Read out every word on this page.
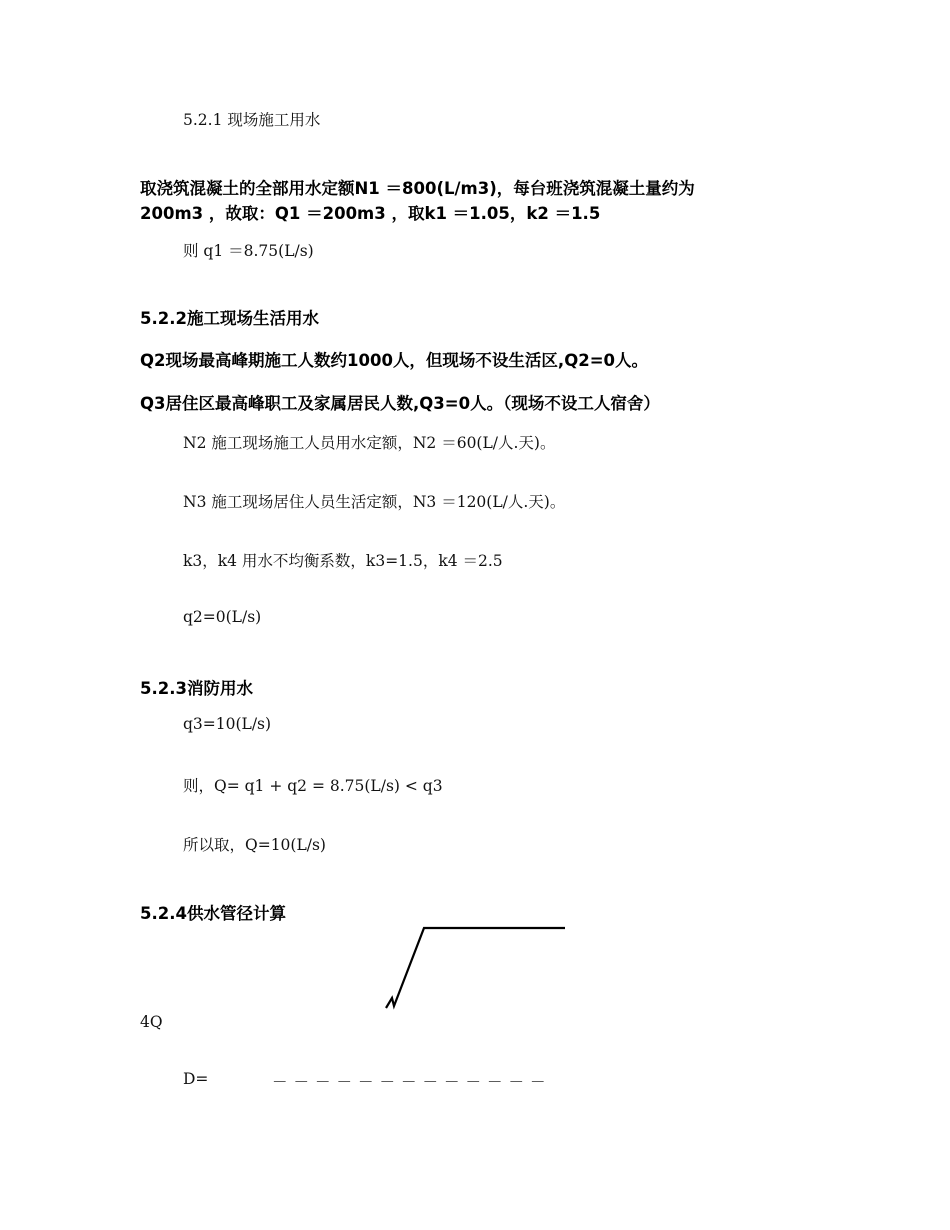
5.2.1 现场施工用水
取浇筑混凝土的全部用水定额N1 ＝800(L/m3)，每台班浇筑混凝土量约为
200m3 ，故取：Q1 ＝200m3 ，取k1 ＝1.05，k2 ＝1.5
则 q1 ＝8.75(L/s)
5.2.2施工现场生活用水
Q2现场最高峰期施工人数约1000人，但现场不设生活区,Q2=0人。
Q3居住区最高峰职工及家属居民人数,Q3=0人。（现场不设工人宿舍）
N2 施工现场施工人员用水定额，N2 ＝60(L/人.天)。
N3 施工现场居住人员生活定额，N3 ＝120(L/人.天)。
k3，k4 用水不均衡系数，k3=1.5，k4 ＝2.5
q2=0(L/s)
5.2.3消防用水
q3=10(L/s)
则，Q= q1 + q2 = 8.75(L/s) < q3
所以取，Q=10(L/s)
5.2.4供水管径计算
4Q
D=	－－－－－－－－－－－－－
